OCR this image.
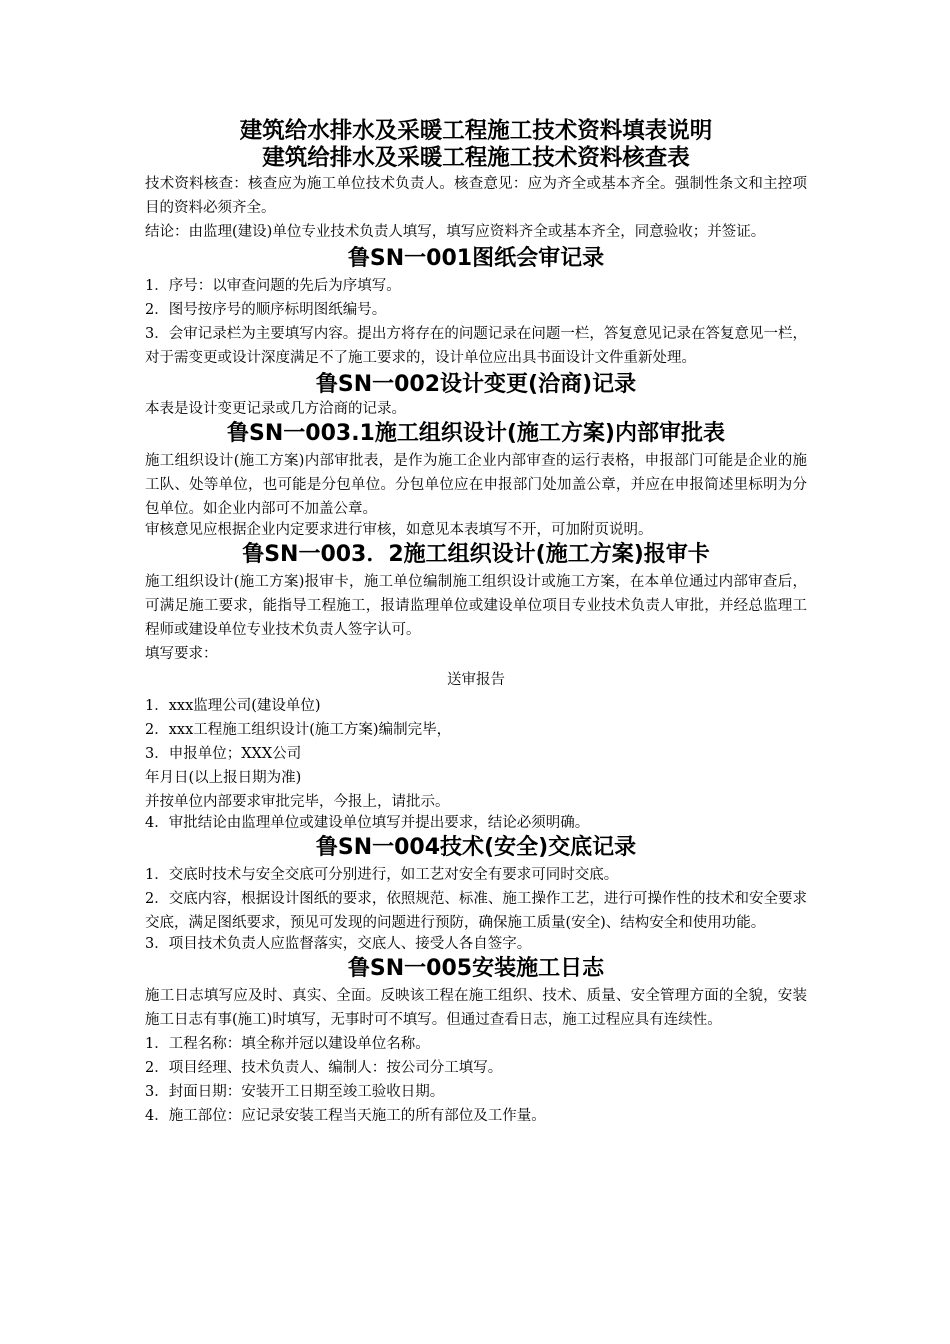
建筑给水排水及采暖工程施工技术资料填表说明
建筑给排水及采暖工程施工技术资料核查表

技术资料核查：核查应为施工单位技术负责人。核查意见：应为齐全或基本齐全。强制性条文和主控项目的资料必须齐全。

结论：由监理(建设)单位专业技术负责人填写，填写应资料齐全或基本齐全，同意验收；并签证。

鲁SN一001图纸会审记录

1．序号：以审查问题的先后为序填写。

2．图号按序号的顺序标明图纸编号。

3．会审记录栏为主要填写内容。提出方将存在的问题记录在问题一栏，答复意见记录在答复意见一栏，对于需变更或设计深度满足不了施工要求的，设计单位应出具书面设计文件重新处理。

鲁SN一002设计变更(洽商)记录

本表是设计变更记录或几方洽商的记录。

鲁SN一003.1施工组织设计(施工方案)内部审批表

施工组织设计(施工方案)内部审批表，是作为施工企业内部审查的运行表格，申报部门可能是企业的施工队、处等单位，也可能是分包单位。分包单位应在申报部门处加盖公章，并应在申报简述里标明为分包单位。如企业内部可不加盖公章。

审核意见应根据企业内定要求进行审核，如意见本表填写不开，可加附页说明。

鲁SN一003．2施工组织设计(施工方案)报审卡

施工组织设计(施工方案)报审卡，施工单位编制施工组织设计或施工方案，在本单位通过内部审查后，可满足施工要求，能指导工程施工，报请监理单位或建设单位项目专业技术负责人审批，并经总监理工程师或建设单位专业技术负责人签字认可。

填写要求：

送审报告

1．xxx监理公司(建设单位)

2．xxx工程施工组织设计(施工方案)编制完毕，

3．申报单位；XXX公司

年月日(以上报日期为准)

并按单位内部要求审批完毕，今报上，请批示。

4．审批结论由监理单位或建设单位填写并提出要求，结论必须明确。

鲁SN一004技术(安全)交底记录

1．交底时技术与安全交底可分别进行，如工艺对安全有要求可同时交底。

2．交底内容，根据设计图纸的要求，依照规范、标准、施工操作工艺，进行可操作性的技术和安全要求交底，满足图纸要求，预见可发现的问题进行预防，确保施工质量(安全)、结构安全和使用功能。

3．项目技术负责人应监督落实，交底人、接受人各自签字。

鲁SN一005安装施工日志

施工日志填写应及时、真实、全面。反映该工程在施工组织、技术、质量、安全管理方面的全貌，安装施工日志有事(施工)时填写，无事时可不填写。但通过查看日志，施工过程应具有连续性。

1．工程名称：填全称并冠以建设单位名称。

2．项目经理、技术负责人、编制人：按公司分工填写。

3．封面日期：安装开工日期至竣工验收日期。

4．施工部位：应记录安装工程当天施工的所有部位及工作量。
